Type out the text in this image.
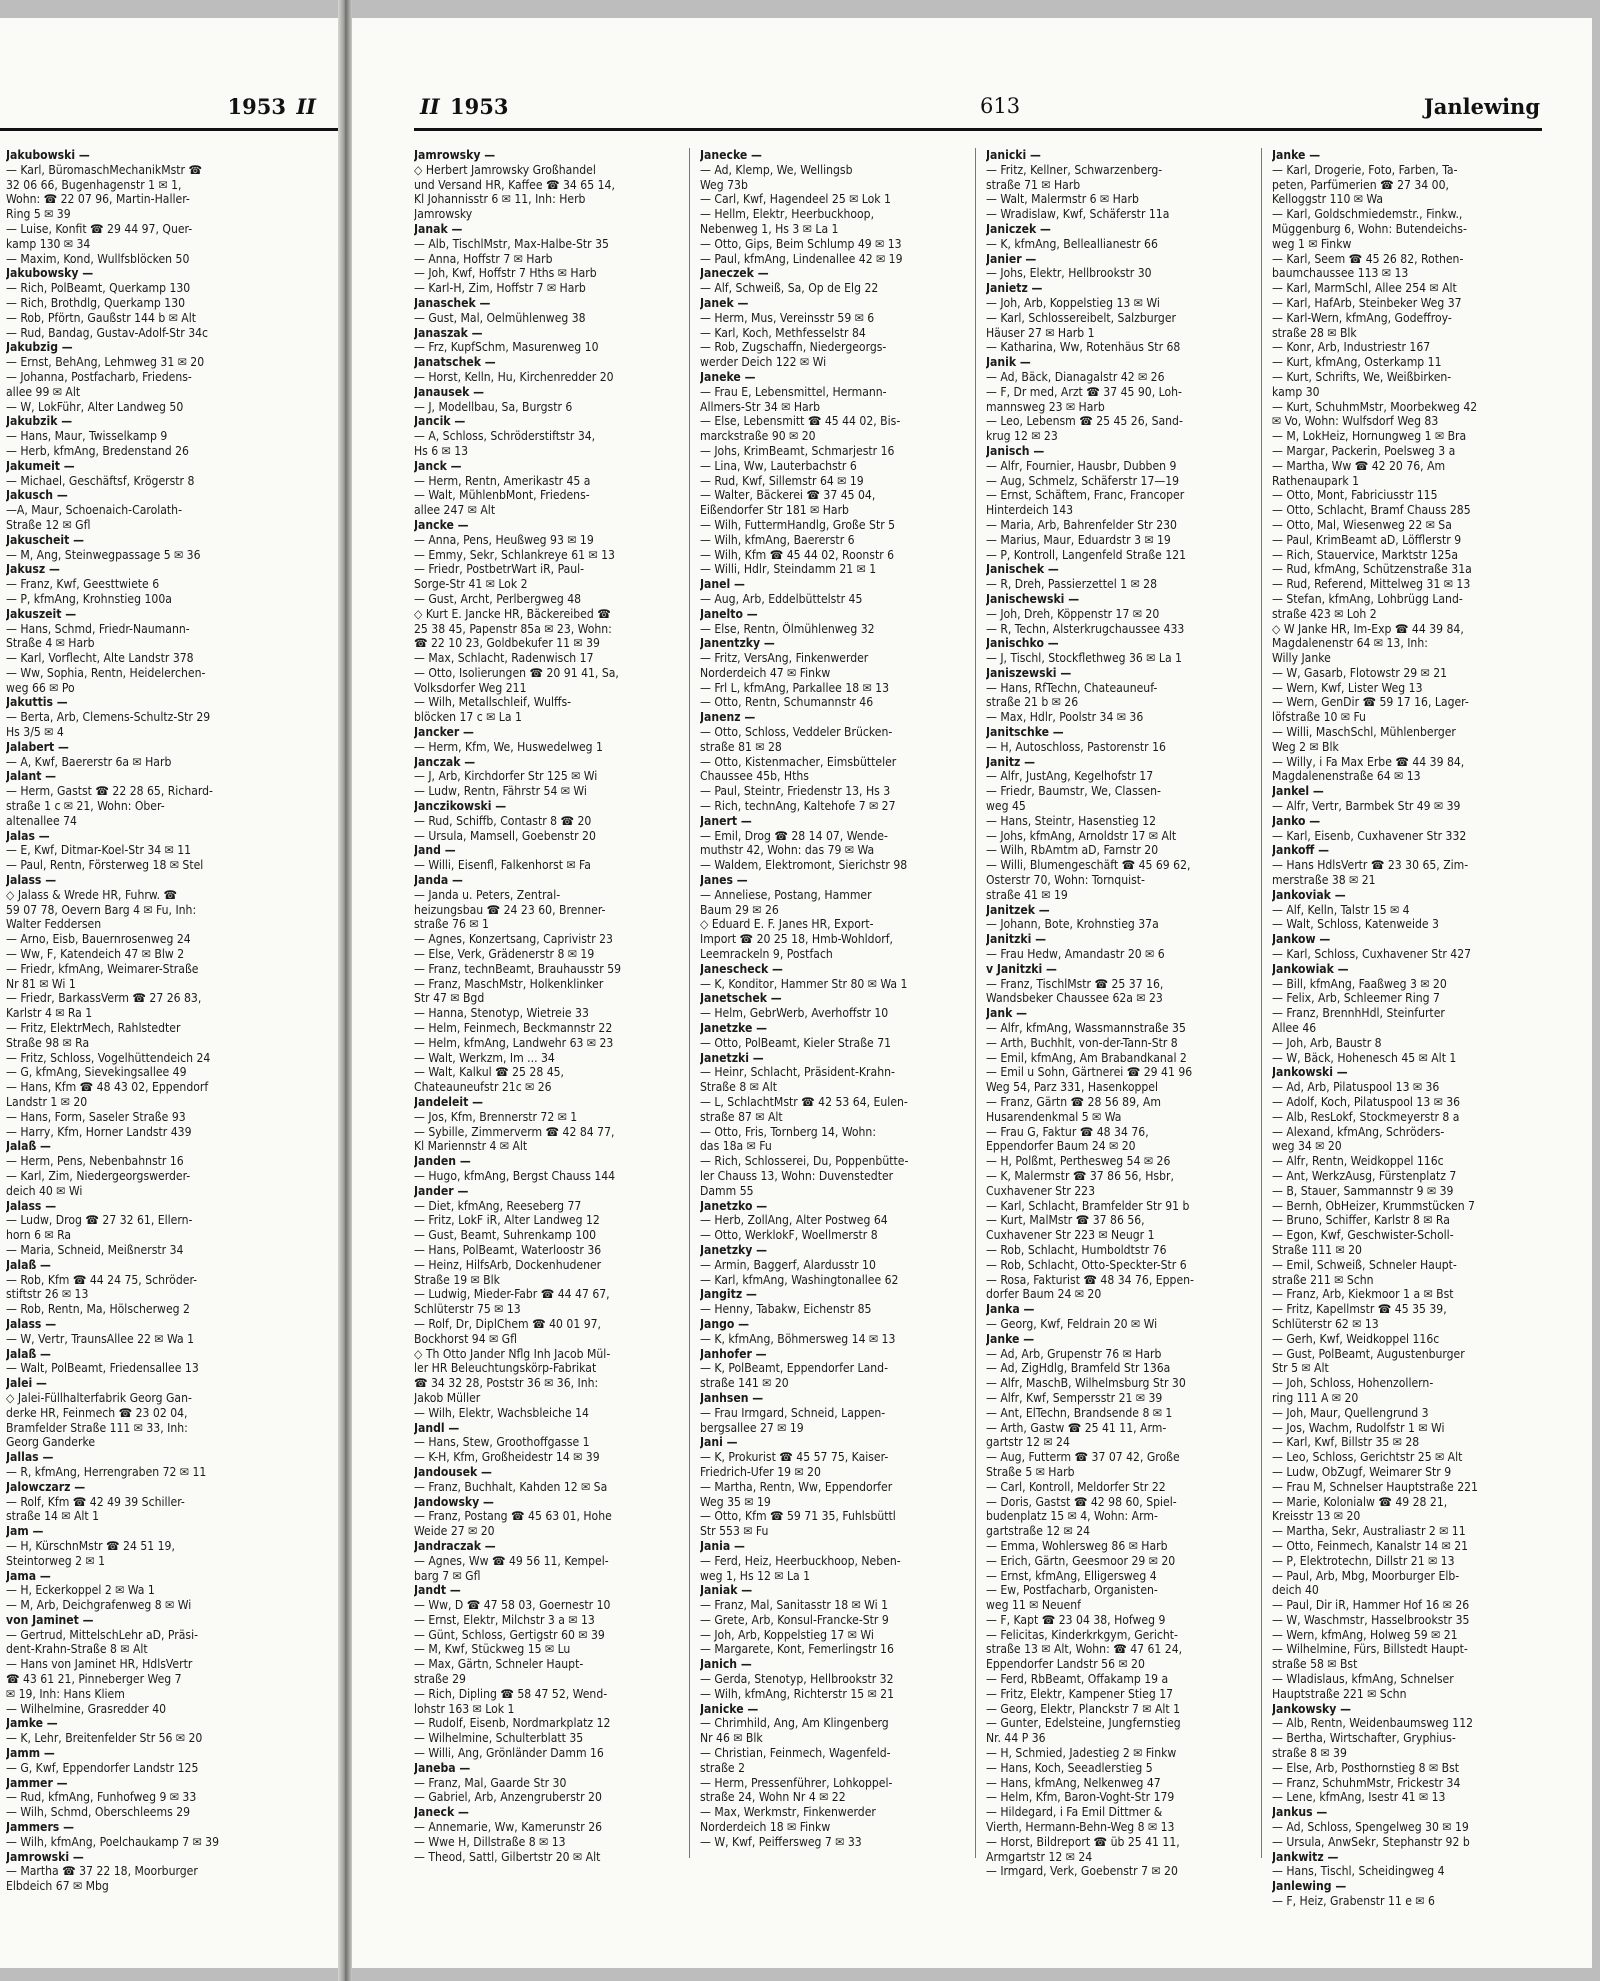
1953 II
Jakubowski —
— Karl, BüromaschMechanikMstr ☎
32 06 66, Bugenhagenstr 1 ✉ 1,
Wohn: ☎ 22 07 96, Martin-Haller-
Ring 5 ✉ 39
— Luise, Konfit ☎ 29 44 97, Quer-
kamp 130 ✉ 34
— Maxim, Kond, Wullfsblöcken 50
Jakubowsky —
— Rich, PolBeamt, Querkamp 130
— Rich, Brothdlg, Querkamp 130
— Rob, Pförtn, Gaußstr 144 b ✉ Alt
— Rud, Bandag, Gustav-Adolf-Str 34c
Jakubzig —
— Ernst, BehAng, Lehmweg 31 ✉ 20
— Johanna, Postfacharb, Friedens-
allee 99 ✉ Alt
— W, LokFühr, Alter Landweg 50
Jakubzik —
— Hans, Maur, Twisselkamp 9
— Herb, kfmAng, Bredenstand 26
Jakumeit —
— Michael, Geschäftsf, Krögerstr 8
Jakusch —
—A, Maur, Schoenaich-Carolath-
Straße 12 ✉ Gfl
Jakuscheit —
— M, Ang, Steinwegpassage 5 ✉ 36
Jakusz —
— Franz, Kwf, Geesttwiete 6
— P, kfmAng, Krohnstieg 100a
Jakuszeit —
— Hans, Schmd, Friedr-Naumann-
Straße 4 ✉ Harb
— Karl, Vorflecht, Alte Landstr 378
— Ww, Sophia, Rentn, Heidelerchen-
weg 66 ✉ Po
Jakuttis —
— Berta, Arb, Clemens-Schultz-Str 29
Hs 3/5 ✉ 4
Jalabert —
— A, Kwf, Baererstr 6a ✉ Harb
Jalant —
— Herm, Gastst ☎ 22 28 65, Richard-
straße 1 c ✉ 21, Wohn: Ober-
altenallee 74
Jalas —
— E, Kwf, Ditmar-Koel-Str 34 ✉ 11
— Paul, Rentn, Försterweg 18 ✉ Stel
Jalass —
◇ Jalass & Wrede HR, Fuhrw. ☎
59 07 78, Oevern Barg 4 ✉ Fu, Inh:
Walter Feddersen
— Arno, Eisb, Bauernrosenweg 24
— Ww, F, Katendeich 47 ✉ Blw 2
— Friedr, kfmAng, Weimarer-Straße
Nr 81 ✉ Wi 1
— Friedr, BarkassVerm ☎ 27 26 83,
Karlstr 4 ✉ Ra 1
— Fritz, ElektrMech, Rahlstedter
Straße 98 ✉ Ra
— Fritz, Schloss, Vogelhüttendeich 24
— G, kfmAng, Sievekingsallee 49
— Hans, Kfm ☎ 48 43 02, Eppendorf
Landstr 1 ✉ 20
— Hans, Form, Saseler Straße 93
— Harry, Kfm, Horner Landstr 439
Jalaß —
— Herm, Pens, Nebenbahnstr 16
— Karl, Zim, Niedergeorgswerder-
deich 40 ✉ Wi
Jalass —
— Ludw, Drog ☎ 27 32 61, Ellern-
horn 6 ✉ Ra
— Maria, Schneid, Meißnerstr 34
Jalaß —
— Rob, Kfm ☎ 44 24 75, Schröder-
stiftstr 26 ✉ 13
— Rob, Rentn, Ma, Hölscherweg 2
Jalass —
— W, Vertr, TraunsAllee 22 ✉ Wa 1
Jalaß —
— Walt, PolBeamt, Friedensallee 13
Jalei —
◇ Jalei-Füllhalterfabrik Georg Gan-
derke HR, Feinmech ☎ 23 02 04,
Bramfelder Straße 111 ✉ 33, Inh:
Georg Ganderke
Jallas —
— R, kfmAng, Herrengraben 72 ✉ 11
Jalowczarz —
— Rolf, Kfm ☎ 42 49 39 Schiller-
straße 14 ✉ Alt 1
Jam —
— H, KürschnMstr ☎ 24 51 19,
Steintorweg 2 ✉ 1
Jama —
— H, Eckerkoppel 2 ✉ Wa 1
— M, Arb, Deichgrafenweg 8 ✉ Wi
von Jaminet —
— Gertrud, MittelschLehr aD, Präsi-
dent-Krahn-Straße 8 ✉ Alt
— Hans von Jaminet HR, HdlsVertr
☎ 43 61 21, Pinneberger Weg 7
✉ 19, Inh: Hans Kliem
— Wilhelmine, Grasredder 40
Jamke —
— K, Lehr, Breitenfelder Str 56 ✉ 20
Jamm —
— G, Kwf, Eppendorfer Landstr 125
Jammer —
— Rud, kfmAng, Funhofweg 9 ✉ 33
— Wilh, Schmd, Oberschleems 29
Jammers —
— Wilh, kfmAng, Poelchaukamp 7 ✉ 39
Jamrowski —
— Martha ☎ 37 22 18, Moorburger
Elbdeich 67 ✉ Mbg
II 1953	613	Janlewing
Jamrowsky —
◇ Herbert Jamrowsky Großhandel
und Versand HR, Kaffee ☎ 34 65 14,
Kl Johannisstr 6 ✉ 11, Inh: Herb
Jamrowsky
Janak —
— Alb, TischlMstr, Max-Halbe-Str 35
— Anna, Hoffstr 7 ✉ Harb
— Joh, Kwf, Hoffstr 7 Hths ✉ Harb
— Karl-H, Zim, Hoffstr 7 ✉ Harb
Janaschek —
— Gust, Mal, Oelmühlenweg 38
Janaszak —
— Frz, KupfSchm, Masurenweg 10
Janatschek —
— Horst, Kelln, Hu, Kirchenredder 20
Janausek —
— J, Modellbau, Sa, Burgstr 6
Jancik —
— A, Schloss, Schröderstiftstr 34,
Hs 6 ✉ 13
Janck —
— Herm, Rentn, Amerikastr 45 a
— Walt, MühlenbMont, Friedens-
allee 247 ✉ Alt
Jancke —
— Anna, Pens, Heußweg 93 ✉ 19
— Emmy, Sekr, Schlankreye 61 ✉ 13
— Friedr, PostbetrWart iR, Paul-
Sorge-Str 41 ✉ Lok 2
— Gust, Archt, Perlbergweg 48
◇ Kurt E. Jancke HR, Bäckereibed ☎
25 38 45, Papenstr 85a ✉ 23, Wohn:
☎ 22 10 23, Goldbekufer 11 ✉ 39
— Max, Schlacht, Radenwisch 17
— Otto, Isolierungen ☎ 20 91 41, Sa,
Volksdorfer Weg 211
— Wilh, Metallschleif, Wulffs-
blöcken 17 c ✉ La 1
Jancker —
— Herm, Kfm, We, Huswedelweg 1
Janczak —
— J, Arb, Kirchdorfer Str 125 ✉ Wi
— Ludw, Rentn, Fährstr 54 ✉ Wi
Janczikowski —
— Rud, Schiffb, Contastr 8 ☎ 20
— Ursula, Mamsell, Goebenstr 20
Jand —
— Willi, Eisenfl, Falkenhorst ✉ Fa
Janda —
— Janda u. Peters, Zentral-
heizungsbau ☎ 24 23 60, Brenner-
straße 76 ✉ 1
— Agnes, Konzertsang, Caprivistr 23
— Else, Verk, Grädenerstr 8 ✉ 19
— Franz, technBeamt, Brauhausstr 59
— Franz, MaschMstr, Holkenklinker
Str 47 ✉ Bgd
— Hanna, Stenotyp, Wietreie 33
— Helm, Feinmech, Beckmannstr 22
— Helm, kfmAng, Landwehr 63 ✉ 23
— Walt, Werkzm, Im ... 34
— Walt, Kalkul ☎ 25 28 45,
Chateauneufstr 21c ✉ 26
Jandeleit —
— Jos, Kfm, Brennerstr 72 ✉ 1
— Sybille, Zimmerverm ☎ 42 84 77,
Kl Mariennstr 4 ✉ Alt
Janden —
— Hugo, kfmAng, Bergst Chauss 144
Jander —
— Diet, kfmAng, Reeseberg 77
— Fritz, LokF iR, Alter Landweg 12
— Gust, Beamt, Suhrenkamp 100
— Hans, PolBeamt, Waterloostr 36
— Heinz, HilfsArb, Dockenhudener
Straße 19 ✉ Blk
— Ludwig, Mieder-Fabr ☎ 44 47 67,
Schlüterstr 75 ✉ 13
— Rolf, Dr, DiplChem ☎ 40 01 97,
Bockhorst 94 ✉ Gfl
◇ Th Otto Jander Nflg Inh Jacob Mül-
ler HR Beleuchtungskörp-Fabrikat
☎ 34 32 28, Poststr 36 ✉ 36, Inh:
Jakob Müller
— Wilh, Elektr, Wachsbleiche 14
Jandl —
— Hans, Stew, Groothoffgasse 1
— K-H, Kfm, Großheidestr 14 ✉ 39
Jandousek —
— Franz, Buchhalt, Kahden 12 ✉ Sa
Jandowsky —
— Franz, Postang ☎ 45 63 01, Hohe
Weide 27 ✉ 20
Jandraczak —
— Agnes, Ww ☎ 49 56 11, Kempel-
barg 7 ✉ Gfl
Jandt —
— Ww, D ☎ 47 58 03, Goernestr 10
— Ernst, Elektr, Milchstr 3 a ✉ 13
— Günt, Schloss, Gertigstr 60 ✉ 39
— M, Kwf, Stückweg 15 ✉ Lu
— Max, Gärtn, Schneler Haupt-
straße 29
— Rich, Dipling ☎ 58 47 52, Wend-
lohstr 163 ✉ Lok 1
— Rudolf, Eisenb, Nordmarkplatz 12
— Wilhelmine, Schulterblatt 35
— Willi, Ang, Grönländer Damm 16
Janeba —
— Franz, Mal, Gaarde Str 30
— Gabriel, Arb, Anzengruberstr 20
Janeck —
— Annemarie, Ww, Kamerunstr 26
— Wwe H, Dillstraße 8 ✉ 13
— Theod, Sattl, Gilbertstr 20 ✉ Alt
Janecke —
— Ad, Klemp, We, Wellingsb
Weg 73b
— Carl, Kwf, Hagendeel 25 ✉ Lok 1
— Hellm, Elektr, Heerbuckhoop,
Nebenweg 1, Hs 3 ✉ La 1
— Otto, Gips, Beim Schlump 49 ✉ 13
— Paul, kfmAng, Lindenallee 42 ✉ 19
Janeczek —
— Alf, Schweiß, Sa, Op de Elg 22
Janek —
— Herm, Mus, Vereinsstr 59 ✉ 6
— Karl, Koch, Methfesselstr 84
— Rob, Zugschaffn, Niedergeorgs-
werder Deich 122 ✉ Wi
Janeke —
— Frau E, Lebensmittel, Hermann-
Allmers-Str 34 ✉ Harb
— Else, Lebensmitt ☎ 45 44 02, Bis-
marckstraße 90 ✉ 20
— Johs, KrimBeamt, Schmarjestr 16
— Lina, Ww, Lauterbachstr 6
— Rud, Kwf, Sillemstr 64 ✉ 19
— Walter, Bäckerei ☎ 37 45 04,
Eißendorfer Str 181 ✉ Harb
— Wilh, FuttermHandlg, Große Str 5
— Wilh, kfmAng, Baererstr 6
— Wilh, Kfm ☎ 45 44 02, Roonstr 6
— Willi, Hdlr, Steindamm 21 ✉ 1
Janel —
— Aug, Arb, Eddelbüttelstr 45
Janelto —
— Else, Rentn, Ölmühlenweg 32
Janentzky —
— Fritz, VersAng, Finkenwerder
Norderdeich 47 ✉ Finkw
— Frl L, kfmAng, Parkallee 18 ✉ 13
— Otto, Rentn, Schumannstr 46
Janenz —
— Otto, Schloss, Veddeler Brücken-
straße 81 ✉ 28
— Otto, Kistenmacher, Eimsbütteler
Chaussee 45b, Hths
— Paul, Steintr, Friedenstr 13, Hs 3
— Rich, technAng, Kaltehofe 7 ✉ 27
Janert —
— Emil, Drog ☎ 28 14 07, Wende-
muthstr 42, Wohn: das 79 ✉ Wa
— Waldem, Elektromont, Sierichstr 98
Janes —
— Anneliese, Postang, Hammer
Baum 29 ✉ 26
◇ Eduard E. F. Janes HR, Export-
Import ☎ 20 25 18, Hmb-Wohldorf,
Leemrackeln 9, Postfach
Janescheck —
— K, Konditor, Hammer Str 80 ✉ Wa 1
Janetschek —
— Helm, GebrWerb, Averhoffstr 10
Janetzke —
— Otto, PolBeamt, Kieler Straße 71
Janetzki —
— Heinr, Schlacht, Präsident-Krahn-
Straße 8 ✉ Alt
— L, SchlachtMstr ☎ 42 53 64, Eulen-
straße 87 ✉ Alt
— Otto, Fris, Tornberg 14, Wohn:
das 18a ✉ Fu
— Rich, Schlosserei, Du, Poppenbütte-
ler Chauss 13, Wohn: Duvenstedter
Damm 55
Janetzko —
— Herb, ZollAng, Alter Postweg 64
— Otto, WerklokF, Woellmerstr 8
Janetzky —
— Armin, Baggerf, Alardusstr 10
— Karl, kfmAng, Washingtonallee 62
Jangitz —
— Henny, Tabakw, Eichenstr 85
Jango —
— K, kfmAng, Böhmersweg 14 ✉ 13
Janhofer —
— K, PolBeamt, Eppendorfer Land-
straße 141 ✉ 20
Janhsen —
— Frau Irmgard, Schneid, Lappen-
bergsallee 27 ✉ 19
Jani —
— K, Prokurist ☎ 45 57 75, Kaiser-
Friedrich-Ufer 19 ✉ 20
— Martha, Rentn, Ww, Eppendorfer
Weg 35 ✉ 19
— Otto, Kfm ☎ 59 71 35, Fuhlsbüttl
Str 553 ✉ Fu
Jania —
— Ferd, Heiz, Heerbuckhoop, Neben-
weg 1, Hs 12 ✉ La 1
Janiak —
— Franz, Mal, Sanitasstr 18 ✉ Wi 1
— Grete, Arb, Konsul-Francke-Str 9
— Joh, Arb, Koppelstieg 17 ✉ Wi
— Margarete, Kont, Femerlingstr 16
Janich —
— Gerda, Stenotyp, Hellbrookstr 32
— Wilh, kfmAng, Richterstr 15 ✉ 21
Janicke —
— Chrimhild, Ang, Am Klingenberg
Nr 46 ✉ Blk
— Christian, Feinmech, Wagenfeld-
straße 2
— Herm, Pressenführer, Lohkoppel-
straße 24, Wohn Nr 4 ✉ 22
— Max, Werkmstr, Finkenwerder
Norderdeich 18 ✉ Finkw
— W, Kwf, Peiffersweg 7 ✉ 33
Janicki —
— Fritz, Kellner, Schwarzenberg-
straße 71 ✉ Harb
— Walt, Malermstr 6 ✉ Harb
— Wradislaw, Kwf, Schäferstr 11a
Janiczek —
— K, kfmAng, Belleallianestr 66
Janier —
— Johs, Elektr, Hellbrookstr 30
Janietz —
— Joh, Arb, Koppelstieg 13 ✉ Wi
— Karl, Schlossereibelt, Salzburger
Häuser 27 ✉ Harb 1
— Katharina, Ww, Rotenhäus Str 68
Janik —
— Ad, Bäck, Dianagalstr 42 ✉ 26
— F, Dr med, Arzt ☎ 37 45 90, Loh-
mannsweg 23 ✉ Harb
— Leo, Lebensm ☎ 25 45 26, Sand-
krug 12 ✉ 23
Janisch —
— Alfr, Fournier, Hausbr, Dubben 9
— Aug, Schmelz, Schäferstr 17—19
— Ernst, Schäftem, Franc, Francoper
Hinterdeich 143
— Maria, Arb, Bahrenfelder Str 230
— Marius, Maur, Eduardstr 3 ✉ 19
— P, Kontroll, Langenfeld Straße 121
Janischek —
— R, Dreh, Passierzettel 1 ✉ 28
Janischewski —
— Joh, Dreh, Köppenstr 17 ✉ 20
— R, Techn, Alsterkrugchaussee 433
Janischko —
— J, Tischl, Stockflethweg 36 ✉ La 1
Janiszewski —
— Hans, RfTechn, Chateauneuf-
straße 21 b ✉ 26
— Max, Hdlr, Poolstr 34 ✉ 36
Janitschke —
— H, Autoschloss, Pastorenstr 16
Janitz —
— Alfr, JustAng, Kegelhofstr 17
— Friedr, Baumstr, We, Classen-
weg 45
— Hans, Steintr, Hasenstieg 12
— Johs, kfmAng, Arnoldstr 17 ✉ Alt
— Wilh, RbAmtm aD, Farnstr 20
— Willi, Blumengeschäft ☎ 45 69 62,
Osterstr 70, Wohn: Tornquist-
straße 41 ✉ 19
Janitzek —
— Johann, Bote, Krohnstieg 37a
Janitzki —
— Frau Hedw, Amandastr 20 ✉ 6
v Janitzki —
— Franz, TischlMstr ☎ 25 37 16,
Wandsbeker Chaussee 62a ✉ 23
Jank —
— Alfr, kfmAng, Wassmannstraße 35
— Arth, Buchhlt, von-der-Tann-Str 8
— Emil, kfmAng, Am Brabandkanal 2
— Emil u Sohn, Gärtnerei ☎ 29 41 96
Weg 54, Parz 331, Hasenkoppel
— Franz, Gärtn ☎ 28 56 89, Am
Husarendenkmal 5 ✉ Wa
— Frau G, Faktur ☎ 48 34 76,
Eppendorfer Baum 24 ✉ 20
— H, Polßmt, Perthesweg 54 ✉ 26
— K, Malermstr ☎ 37 86 56, Hsbr,
Cuxhavener Str 223
— Karl, Schlacht, Bramfelder Str 91 b
— Kurt, MalMstr ☎ 37 86 56,
Cuxhavener Str 223 ✉ Neugr 1
— Rob, Schlacht, Humboldtstr 76
— Rob, Schlacht, Otto-Speckter-Str 6
— Rosa, Fakturist ☎ 48 34 76, Eppen-
dorfer Baum 24 ✉ 20
Janka —
— Georg, Kwf, Feldrain 20 ✉ Wi
Janke —
— Ad, Arb, Grupenstr 76 ✉ Harb
— Ad, ZigHdlg, Bramfeld Str 136a
— Alfr, MaschB, Wilhelmsburg Str 30
— Alfr, Kwf, Sempersstr 21 ✉ 39
— Ant, ElTechn, Brandsende 8 ✉ 1
— Arth, Gastw ☎ 25 41 11, Arm-
gartstr 12 ✉ 24
— Aug, Futterm ☎ 37 07 42, Große
Straße 5 ✉ Harb
— Carl, Kontroll, Meldorfer Str 22
— Doris, Gastst ☎ 42 98 60, Spiel-
budenplatz 15 ✉ 4, Wohn: Arm-
gartstraße 12 ✉ 24
— Emma, Wohlersweg 86 ✉ Harb
— Erich, Gärtn, Geesmoor 29 ✉ 20
— Ernst, kfmAng, Elligersweg 4
— Ew, Postfacharb, Organisten-
weg 11 ✉ Neuenf
— F, Kapt ☎ 23 04 38, Hofweg 9
— Felicitas, Kinderkrkgym, Gericht-
straße 13 ✉ Alt, Wohn: ☎ 47 61 24,
Eppendorfer Landstr 56 ✉ 20
— Ferd, RbBeamt, Offakamp 19 a
— Fritz, Elektr, Kampener Stieg 17
— Georg, Elektr, Planckstr 7 ✉ Alt 1
— Gunter, Edelsteine, Jungfernstieg
Nr. 44 P 36
— H, Schmied, Jadestieg 2 ✉ Finkw
— Hans, Koch, Seeadlerstieg 5
— Hans, kfmAng, Nelkenweg 47
— Helm, Kfm, Baron-Voght-Str 179
— Hildegard, i Fa Emil Dittmer &
Vierth, Hermann-Behn-Weg 8 ✉ 13
— Horst, Bildreport ☎ üb 25 41 11,
Armgartstr 12 ✉ 24
— Irmgard, Verk, Goebenstr 7 ✉ 20
Janke —
— Karl, Drogerie, Foto, Farben, Ta-
peten, Parfümerien ☎ 27 34 00,
Kelloggstr 110 ✉ Wa
— Karl, Goldschmiedemstr., Finkw.,
Müggenburg 6, Wohn: Butendeichs-
weg 1 ✉ Finkw
— Karl, Seem ☎ 45 26 82, Rothen-
baumchaussee 113 ✉ 13
— Karl, MarmSchl, Allee 254 ✉ Alt
— Karl, HafArb, Steinbeker Weg 37
— Karl-Wern, kfmAng, Godeffroy-
straße 28 ✉ Blk
— Konr, Arb, Industriestr 167
— Kurt, kfmAng, Osterkamp 11
— Kurt, Schrifts, We, Weißbirken-
kamp 30
— Kurt, SchuhmMstr, Moorbekweg 42
✉ Vo, Wohn: Wulfsdorf Weg 83
— M, LokHeiz, Hornungweg 1 ✉ Bra
— Margar, Packerin, Poelsweg 3 a
— Martha, Ww ☎ 42 20 76, Am
Rathenaupark 1
— Otto, Mont, Fabriciusstr 115
— Otto, Schlacht, Bramf Chauss 285
— Otto, Mal, Wiesenweg 22 ✉ Sa
— Paul, KrimBeamt aD, Löfflerstr 9
— Rich, Stauervice, Marktstr 125a
— Rud, kfmAng, Schützenstraße 31a
— Rud, Referend, Mittelweg 31 ✉ 13
— Stefan, kfmAng, Lohbrügg Land-
straße 423 ✉ Loh 2
◇ W Janke HR, Im-Exp ☎ 44 39 84,
Magdalenenstr 64 ✉ 13, Inh:
Willy Janke
— W, Gasarb, Flotowstr 29 ✉ 21
— Wern, Kwf, Lister Weg 13
— Wern, GenDir ☎ 59 17 16, Lager-
löfstraße 10 ✉ Fu
— Willi, MaschSchl, Mühlenberger
Weg 2 ✉ Blk
— Willy, i Fa Max Erbe ☎ 44 39 84,
Magdalenenstraße 64 ✉ 13
Jankel —
— Alfr, Vertr, Barmbek Str 49 ✉ 39
Janko —
— Karl, Eisenb, Cuxhavener Str 332
Jankoff —
— Hans HdlsVertr ☎ 23 30 65, Zim-
merstraße 38 ✉ 21
Jankoviak —
— Alf, Kelln, Talstr 15 ✉ 4
— Walt, Schloss, Katenweide 3
Jankow —
— Karl, Schloss, Cuxhavener Str 427
Jankowiak —
— Bill, kfmAng, Faaßweg 3 ✉ 20
— Felix, Arb, Schleemer Ring 7
— Franz, BrennhHdl, Steinfurter
Allee 46
— Joh, Arb, Baustr 8
— W, Bäck, Hohenesch 45 ✉ Alt 1
Jankowski —
— Ad, Arb, Pilatuspool 13 ✉ 36
— Adolf, Koch, Pilatuspool 13 ✉ 36
— Alb, ResLokf, Stockmeyerstr 8 a
— Alexand, kfmAng, Schröders-
weg 34 ✉ 20
— Alfr, Rentn, Weidkoppel 116c
— Ant, WerkzAusg, Fürstenplatz 7
— B, Stauer, Sammannstr 9 ✉ 39
— Bernh, ObHeizer, Krummstücken 7
— Bruno, Schiffer, Karlstr 8 ✉ Ra
— Egon, Kwf, Geschwister-Scholl-
Straße 111 ✉ 20
— Emil, Schweiß, Schneler Haupt-
straße 211 ✉ Schn
— Franz, Arb, Kiekmoor 1 a ✉ Bst
— Fritz, Kapellmstr ☎ 45 35 39,
Schlüterstr 62 ✉ 13
— Gerh, Kwf, Weidkoppel 116c
— Gust, PolBeamt, Augustenburger
Str 5 ✉ Alt
— Joh, Schloss, Hohenzollern-
ring 111 A ✉ 20
— Joh, Maur, Quellengrund 3
— Jos, Wachm, Rudolfstr 1 ✉ Wi
— Karl, Kwf, Billstr 35 ✉ 28
— Leo, Schloss, Gerichtstr 25 ✉ Alt
— Ludw, ObZugf, Weimarer Str 9
— Frau M, Schnelser Hauptstraße 221
— Marie, Kolonialw ☎ 49 28 21,
Kreisstr 13 ✉ 20
— Martha, Sekr, Australiastr 2 ✉ 11
— Otto, Feinmech, Kanalstr 14 ✉ 21
— P, Elektrotechn, Dillstr 21 ✉ 13
— Paul, Arb, Mbg, Moorburger Elb-
deich 40
— Paul, Dir iR, Hammer Hof 16 ✉ 26
— W, Waschmstr, Hasselbrookstr 35
— Wern, kfmAng, Holweg 59 ✉ 21
— Wilhelmine, Fürs, Billstedt Haupt-
straße 58 ✉ Bst
— Wladislaus, kfmAng, Schnelser
Hauptstraße 221 ✉ Schn
Jankowsky —
— Alb, Rentn, Weidenbaumsweg 112
— Bertha, Wirtschafter, Gryphius-
straße 8 ✉ 39
— Else, Arb, Posthornstieg 8 ✉ Bst
— Franz, SchuhmMstr, Frickestr 34
— Lene, kfmAng, Isestr 41 ✉ 13
Jankus —
— Ad, Schloss, Spengelweg 30 ✉ 19
— Ursula, AnwSekr, Stephanstr 92 b
Jankwitz —
— Hans, Tischl, Scheidingweg 4
Janlewing —
— F, Heiz, Grabenstr 11 e ✉ 6
